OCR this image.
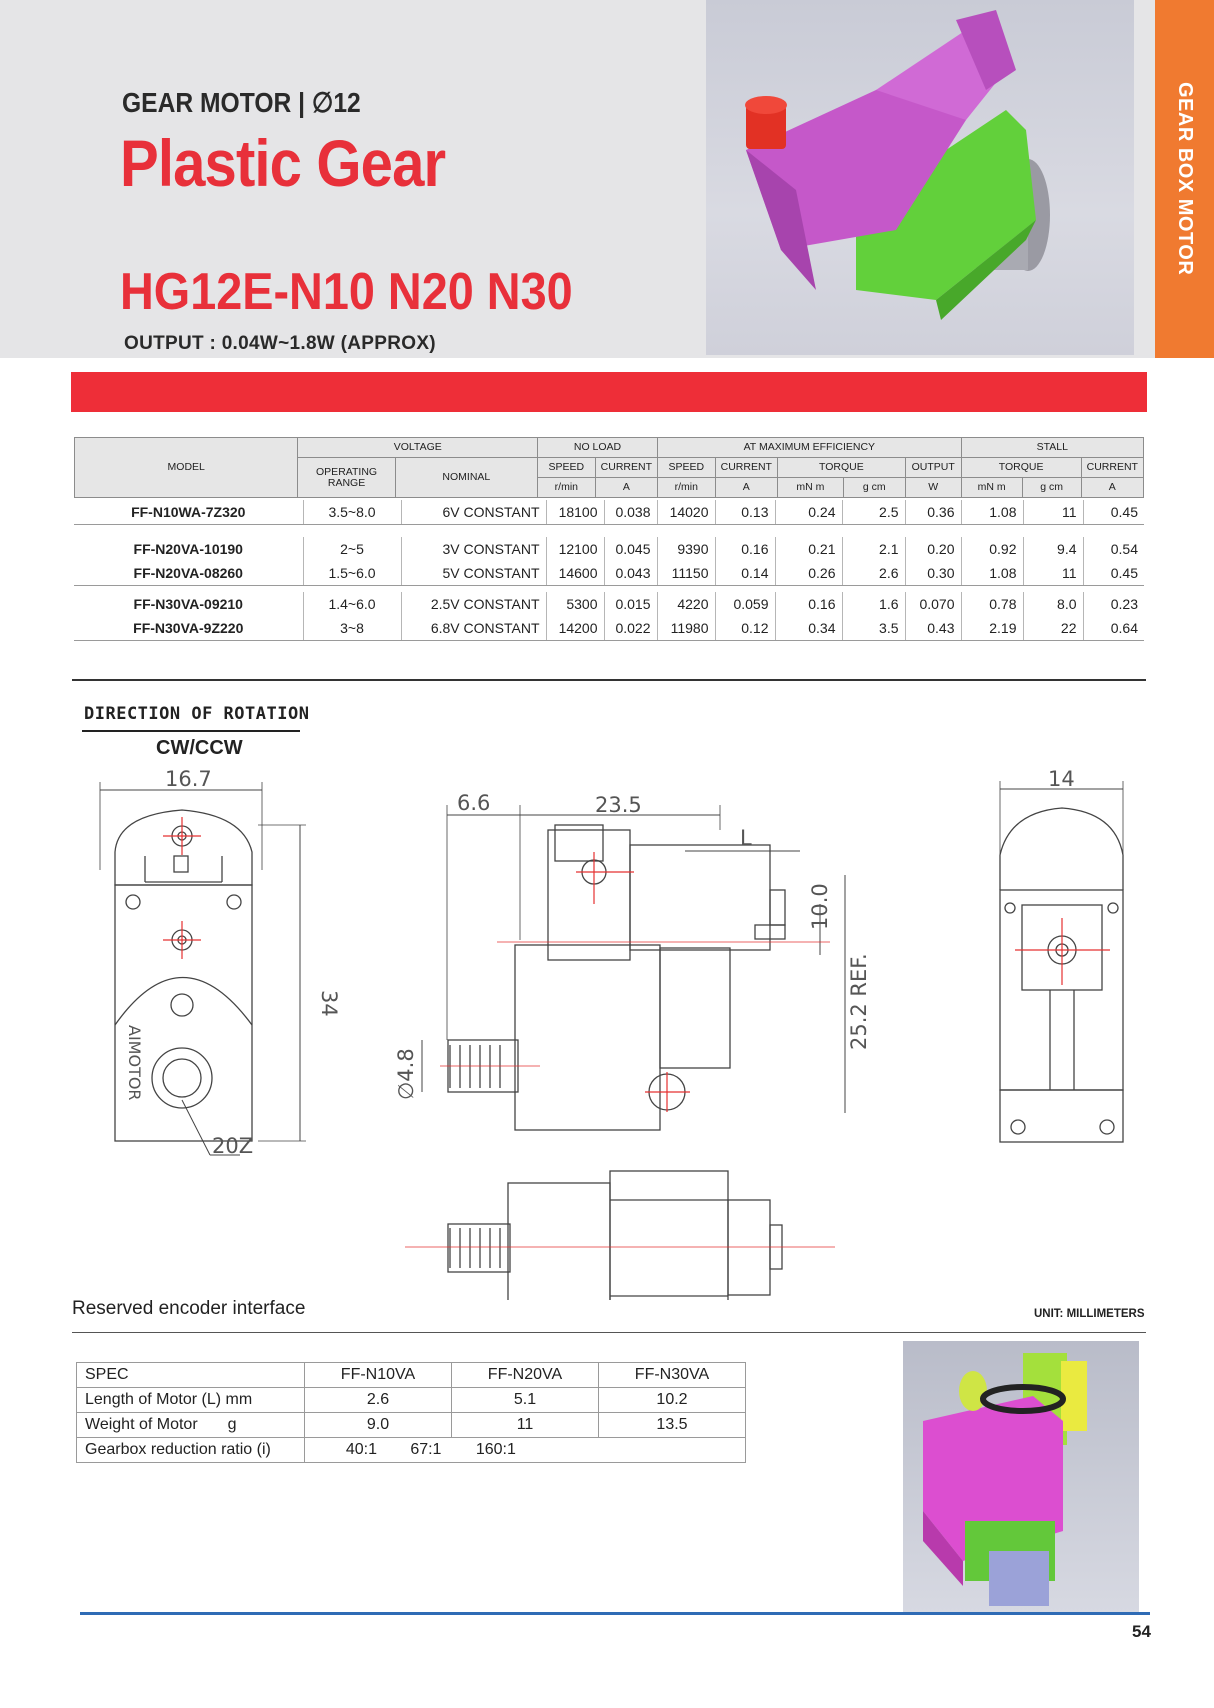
GEAR BOX MOTOR
GEAR MOTOR | ∅12
Plastic Gear
HG12E-N10 N20 N30
OUTPUT : 0.04W~1.8W (APPROX)
MODEL	VOLTAGE		NO LOAD		AT MAXIMUM EFFICIENCY					STALL		
	OPERATING RANGE	NOMINAL	SPEED	CURRENT	SPEED	CURRENT	TORQUE		OUTPUT	TORQUE		CURRENT
			r/min	A	r/min	A	mN m	g cm	W	mN m	g cm	A
FF-N10WA-7Z320	3.5~8.0	6V CONSTANT	18100	0.038	14020	0.13	0.24	2.5	0.36	1.08	11	0.45
FF-N20VA-10190	2~5	3V CONSTANT	12100	0.045	9390	0.16	0.21	2.1	0.20	0.92	9.4	0.54
FF-N20VA-08260	1.5~6.0	5V CONSTANT	14600	0.043	11150	0.14	0.26	2.6	0.30	1.08	11	0.45
FF-N30VA-09210	1.4~6.0	2.5V CONSTANT	5300	0.015	4220	0.059	0.16	1.6	0.070	0.78	8.0	0.23
FF-N30VA-9Z220	3~8	6.8V CONSTANT	14200	0.022	11980	0.12	0.34	3.5	0.43	2.19	22	0.64
DIRECTION OF ROTATION
CW/CCW
16.7
34
6.6	23.5
L
10.0
25.2 REF.
∅4.8
14
20Z
AIMOTOR
Reserved encoder interface	UNIT: MILLIMETERS
SPEC	FF-N10VA	FF-N20VA	FF-N30VA
Length of Motor (L) mm	2.6	5.1	10.2
Weight of Motor g	9.0	11	13.5
Gearbox reduction ratio (i)	40:1 67:1 160:1		
54
